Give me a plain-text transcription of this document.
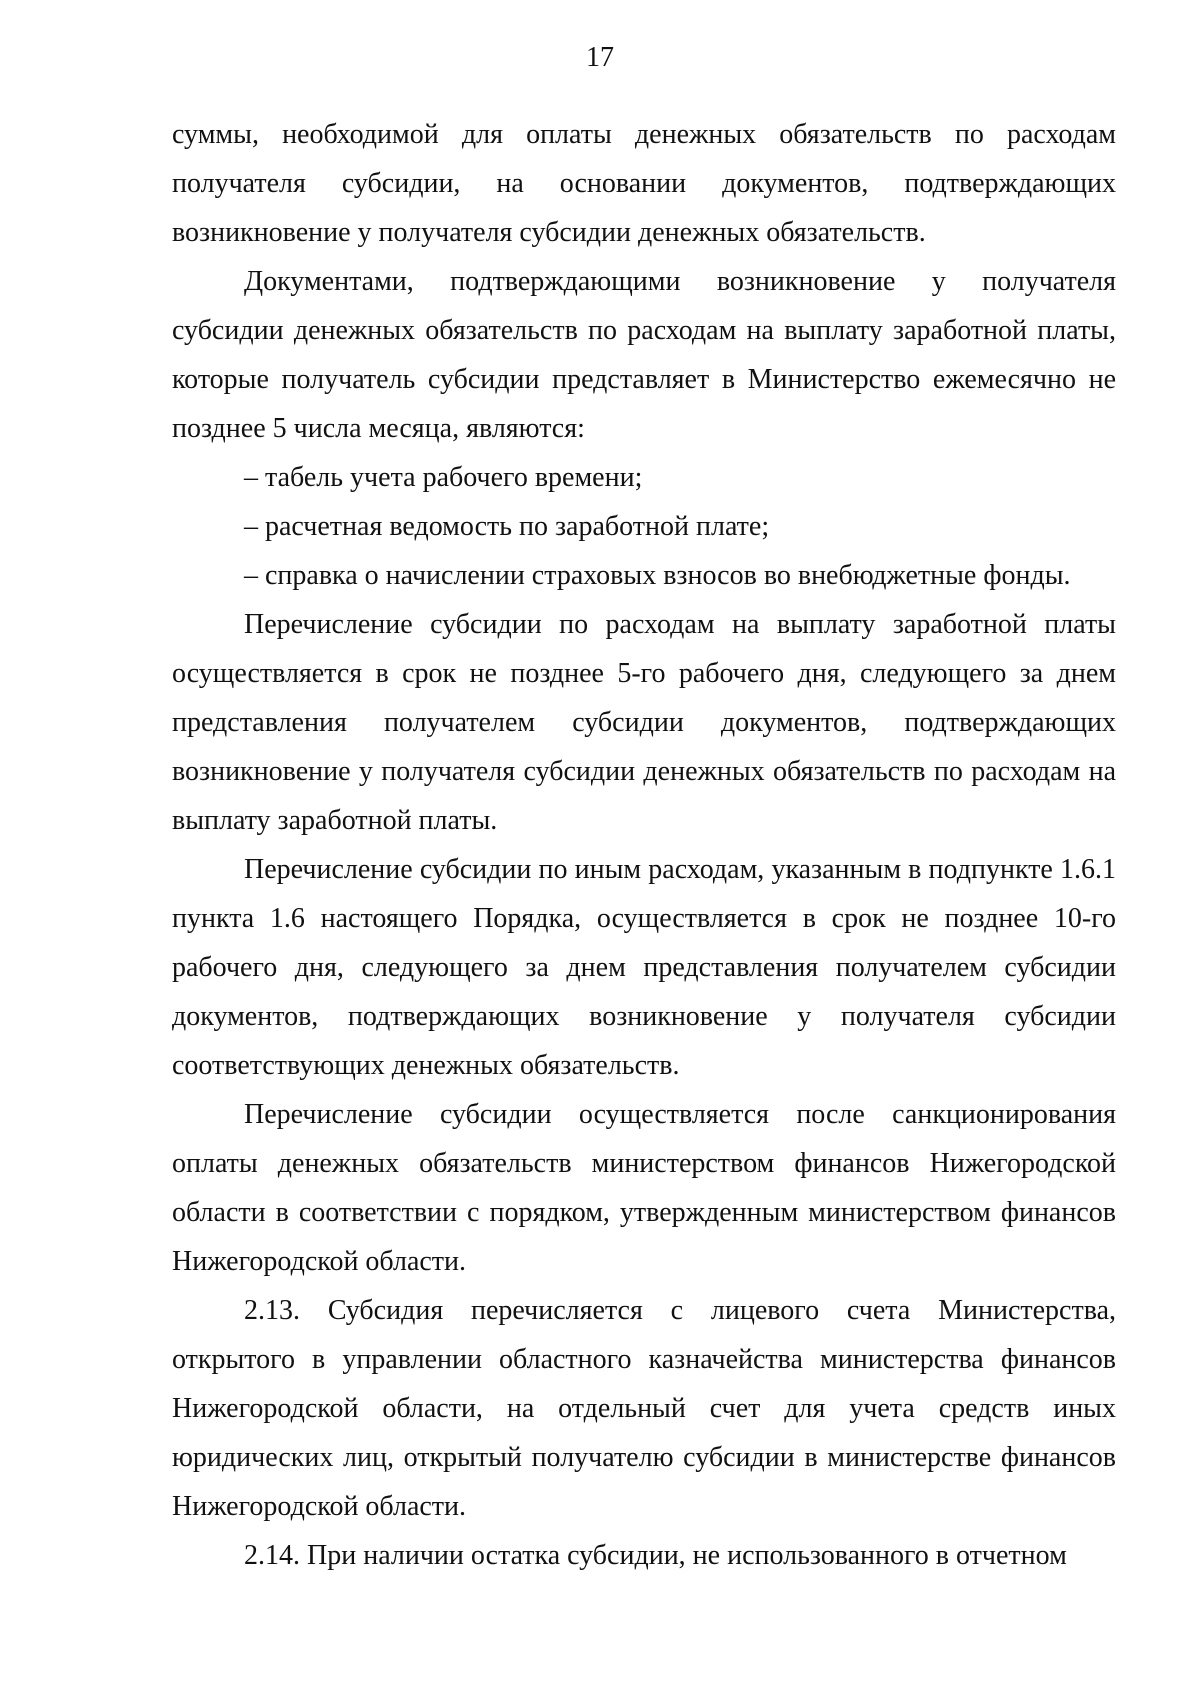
17

суммы, необходимой для оплаты денежных обязательств по расходам получателя субсидии, на основании документов, подтверждающих возникновение у получателя субсидии денежных обязательств.

Документами, подтверждающими возникновение у получателя субсидии денежных обязательств по расходам на выплату заработной платы, которые получатель субсидии представляет в Министерство ежемесячно не позднее 5 числа месяца, являются:

– табель учета рабочего времени;

– расчетная ведомость по заработной плате;

– справка о начислении страховых взносов во внебюджетные фонды.

Перечисление субсидии по расходам на выплату заработной платы осуществляется в срок не позднее 5-го рабочего дня, следующего за днем представления получателем субсидии документов, подтверждающих возникновение у получателя субсидии денежных обязательств по расходам на выплату заработной платы.

Перечисление субсидии по иным расходам, указанным в подпункте 1.6.1 пункта 1.6 настоящего Порядка, осуществляется в срок не позднее 10-го рабочего дня, следующего за днем представления получателем субсидии документов, подтверждающих возникновение у получателя субсидии соответствующих денежных обязательств.

Перечисление субсидии осуществляется после санкционирования оплаты денежных обязательств министерством финансов Нижегородской области в соответствии с порядком, утвержденным министерством финансов Нижегородской области.

2.13. Субсидия перечисляется с лицевого счета Министерства, открытого в управлении областного казначейства министерства финансов Нижегородской области, на отдельный счет для учета средств иных юридических лиц, открытый получателю субсидии в министерстве финансов Нижегородской области.

2.14. При наличии остатка субсидии, не использованного в отчетном
